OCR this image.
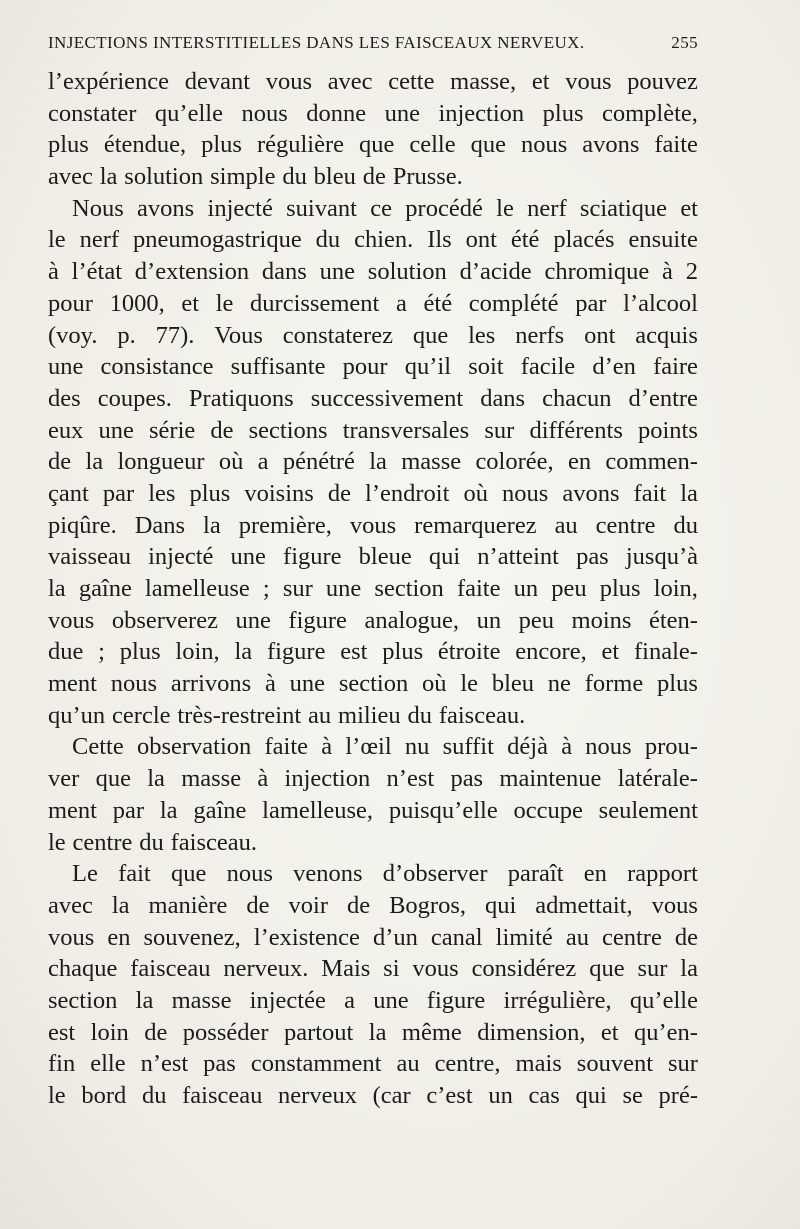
INJECTIONS INTERSTITIELLES DANS LES FAISCEAUX NERVEUX.	255
l’expérience devant vous avec cette masse, et vous pouvez
constater qu’elle nous donne une injection plus complète,
plus étendue, plus régulière que celle que nous avons faite
avec la solution simple du bleu de Prusse.
Nous avons injecté suivant ce procédé le nerf sciatique et
le nerf pneumogastrique du chien. Ils ont été placés ensuite
à l’état d’extension dans une solution d’acide chromique à 2
pour 1000, et le durcissement a été complété par l’alcool
(voy. p. 77). Vous constaterez que les nerfs ont acquis
une consistance suffisante pour qu’il soit facile d’en faire
des coupes. Pratiquons successivement dans chacun d’entre
eux une série de sections transversales sur différents points
de la longueur où a pénétré la masse colorée, en commen-
çant par les plus voisins de l’endroit où nous avons fait la
piqûre. Dans la première, vous remarquerez au centre du
vaisseau injecté une figure bleue qui n’atteint pas jusqu’à
la gaîne lamelleuse ; sur une section faite un peu plus loin,
vous observerez une figure analogue, un peu moins éten-
due ; plus loin, la figure est plus étroite encore, et finale-
ment nous arrivons à une section où le bleu ne forme plus
qu’un cercle très-restreint au milieu du faisceau.
Cette observation faite à l’œil nu suffit déjà à nous prou-
ver que la masse à injection n’est pas maintenue latérale-
ment par la gaîne lamelleuse, puisqu’elle occupe seulement
le centre du faisceau.
Le fait que nous venons d’observer paraît en rapport
avec la manière de voir de Bogros, qui admettait, vous
vous en souvenez, l’existence d’un canal limité au centre de
chaque faisceau nerveux. Mais si vous considérez que sur la
section la masse injectée a une figure irrégulière, qu’elle
est loin de posséder partout la même dimension, et qu’en-
fin elle n’est pas constamment au centre, mais souvent sur
le bord du faisceau nerveux (car c’est un cas qui se pré-
